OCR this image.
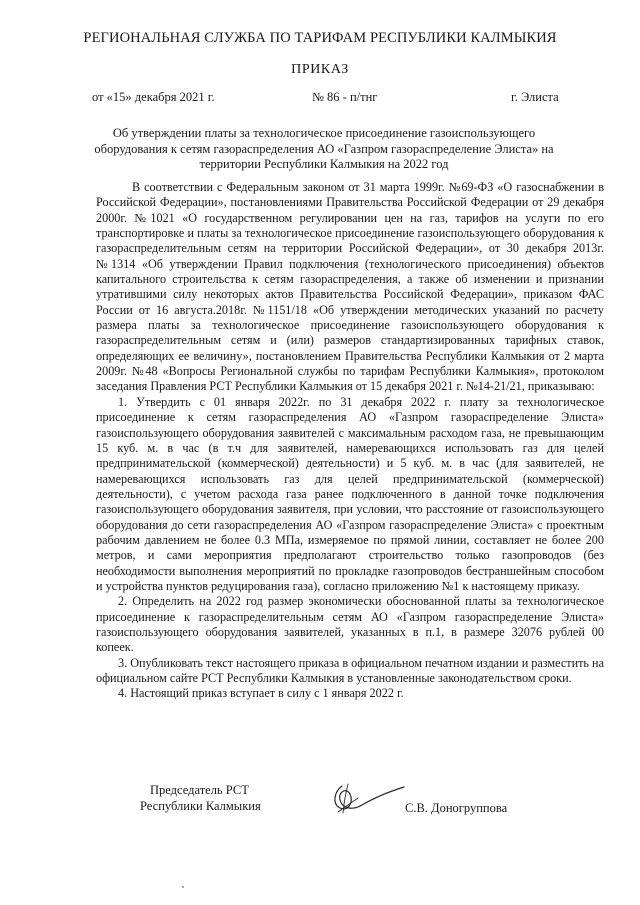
РЕГИОНАЛЬНАЯ СЛУЖБА ПО ТАРИФАМ РЕСПУБЛИКИ КАЛМЫКИЯ
ПРИКАЗ
от «15» декабря 2021 г.	№ 86 - п/тнг	г. Элиста
Об утверждении платы за технологическое присоединение газоиспользующего оборудования к сетям газораспределения АО «Газпром газораспределение Элиста» на территории Республики Калмыкия на 2022 год

В соответствии с Федеральным законом от 31 марта 1999г. №69-ФЗ «О газоснабжении в Российской Федерации», постановлениями Правительства Российской Федерации от 29 декабря 2000г. №1021 «О государственном регулировании цен на газ, тарифов на услуги по его транспортировке и платы за технологическое присоединение газоиспользующего оборудования к газораспределительным сетям на территории Российской Федерации», от 30 декабря 2013г. №1314 «Об утверждении Правил подключения (технологического присоединения) объектов капитального строительства к сетям газораспределения, а также об изменении и признании утратившими силу некоторых актов Правительства Российской Федерации», приказом ФАС России от 16 августа.2018г. №1151/18 «Об утверждении методических указаний по расчету размера платы за технологическое присоединение газоиспользующего оборудования к газораспределительным сетям и (или) размеров стандартизированных тарифных ставок, определяющих ее величину», постановлением Правительства Республики Калмыкия от 2 марта 2009г. №48 «Вопросы Региональной службы по тарифам Республики Калмыкия», протоколом заседания Правления РСТ Республики Калмыкия от 15 декабря 2021 г. №14-21/21, приказываю:

1. Утвердить с 01 января 2022г. по 31 декабря 2022 г. плату за технологическое присоединение к сетям газораспределения АО «Газпром газораспределение Элиста» газоиспользующего оборудования заявителей с максимальным расходом газа, не превышающим 15 куб. м. в час (в т.ч для заявителей, намеревающихся использовать газ для целей предпринимательской (коммерческой) деятельности) и 5 куб. м. в час (для заявителей, не намеревающихся использовать газ для целей предпринимательской (коммерческой) деятельности), с учетом расхода газа ранее подключенного в данной точке подключения газоиспользующего оборудования заявителя, при условии, что расстояние от газоиспользующего оборудования до сети газораспределения АО «Газпром газораспределение Элиста» с проектным рабочим давлением не более 0.3 МПа, измеряемое по прямой линии, составляет не более 200 метров, и сами мероприятия предполагают строительство только газопроводов (без необходимости выполнения мероприятий по прокладке газопроводов бестраншейным способом и устройства пунктов редуцирования газа), согласно приложению №1 к настоящему приказу.

2. Определить на 2022 год размер экономически обоснованной платы за технологическое присоединение к газораспределительным сетям АО «Газпром газораспределение Элиста» газоиспользующего оборудования заявителей, указанных в п.1, в размере 32076 рублей 00 копеек.

3. Опубликовать текст настоящего приказа в официальном печатном издании и разместить на официальном сайте РСТ Республики Калмыкия в установленные законодательством сроки.

4. Настоящий приказ вступает в силу с 1 января 2022 г.

Председатель РСТ
Республики Калмыкия	С.В. Доногруппова
